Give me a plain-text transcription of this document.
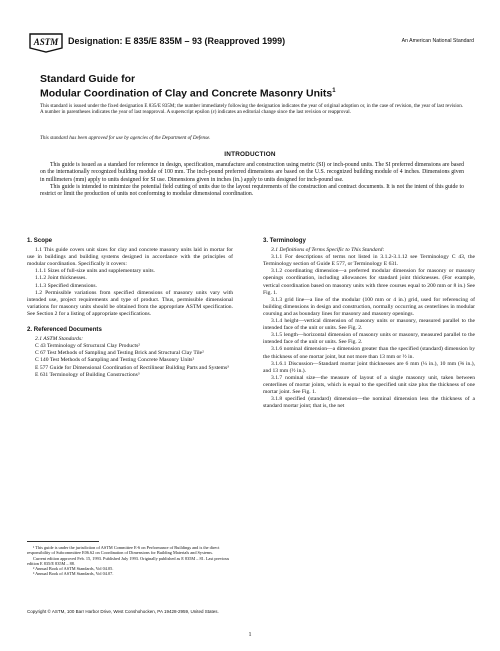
ASTM Designation: E 835/E 835M – 93 (Reapproved 1999)	An American National Standard
Standard Guide for
Modular Coordination of Clay and Concrete Masonry Units$^1$
This standard is issued under the fixed designation E 835/E 835M; the number immediately following the designation indicates the year of original adoption or, in the case of revision, the year of last revision. A number in parentheses indicates the year of last reapproval. A superscript epsilon (ε) indicates an editorial change since the last revision or reapproval.
This standard has been approved for use by agencies of the Department of Defense.
INTRODUCTION

This guide is issued as a standard for reference in design, specification, manufacture and construction using metric (SI) or inch-pound units. The SI preferred dimensions are based on the internationally recognized building module of 100 mm. The inch-pound preferred dimensions are based on the U.S. recognized building module of 4 inches. Dimensions given in millimeters (mm) apply to units designed for SI use. Dimensions given in inches (in.) apply to units designed for inch-pound use.

This guide is intended to minimize the potential field cutting of units due to the layout requirements of the construction and contract documents. It is not the intent of this guide to restrict or limit the production of units not conforming to modular dimensional coordination.

1. Scope

1.1 This guide covers unit sizes for clay and concrete masonry units laid in mortar for use in buildings and building systems designed in accordance with the principles of modular coordination. Specifically it covers:

1.1.1 Sizes of full-size units and supplementary units.

1.1.2 Joint thicknesses.

1.1.3 Specified dimensions.

1.2 Permissible variations from specified dimensions of masonry units vary with intended use, project requirements and type of product. Thus, permissible dimensional variations for masonry units should be obtained from the appropriate ASTM specification. See Section 2 for a listing of appropriate specifications.

2. Referenced Documents

2.1 ASTM Standards:

C 43 Terminology of Structural Clay Products²

C 67 Test Methods of Sampling and Testing Brick and Structural Clay Tile²

C 140 Test Methods of Sampling and Testing Concrete Masonry Units²

E 577 Guide for Dimensional Coordination of Rectilinear Building Parts and Systems³

E 631 Terminology of Building Constructions³

3. Terminology

3.1 Definitions of Terms Specific to This Standard:

3.1.1 For descriptions of terms not listed in 3.1.2-3.1.12 see Terminology C 43, the Terminology section of Guide E 577, or Terminology E 631.

3.1.2 coordinating dimension—a preferred modular dimension for masonry or masonry openings coordination, including allowances for standard joint thicknesses. (For example, vertical coordination based on masonry units with three courses equal to 200 mm or 8 in.) See Fig. 1.

3.1.3 grid line—a line of the modular (100 mm or 4 in.) grid, used for referencing of building dimensions in design and construction, normally occurring as centerlines in modular coursing and as boundary lines for masonry and masonry openings.

3.1.4 height—vertical dimension of masonry units or masonry, measured parallel to the intended face of the unit or units. See Fig. 2.

3.1.5 length—horizontal dimension of masonry units or masonry, measured parallel to the intended face of the unit or units. See Fig. 2.

3.1.6 nominal dimension—a dimension greater than the specified (standard) dimension by the thickness of one mortar joint, but not more than 13 mm or ½ in.

3.1.6.1 Discussion—Standard mortar joint thicknesses are 6 mm (¼ in.), 10 mm (⅜ in.), and 13 mm (½ in.).

3.1.7 nominal size—the measure of layout of a single masonry unit, taken between centerlines of mortar joints, which is equal to the specified unit size plus the thickness of one mortar joint. See Fig. 1.

3.1.8 specified (standard) dimension—the nominal dimension less the thickness of a standard mortar joint; that is, the net

¹ This guide is under the jurisdiction of ASTM Committee E-6 on Performance of Buildings and is the direct responsibility of Subcommittee E06.62 on Coordination of Dimensions for Building Materials and Systems.

Current edition approved Feb. 15, 1993. Published July 1993. Originally published as E 835M – 81. Last previous edition E 835/E 835M – 88.

² Annual Book of ASTM Standards, Vol 04.05.

³ Annual Book of ASTM Standards, Vol 04.07.

Copyright © ASTM, 100 Barr Harbor Drive, West Conshohocken, PA 19428-2959, United States.
1
